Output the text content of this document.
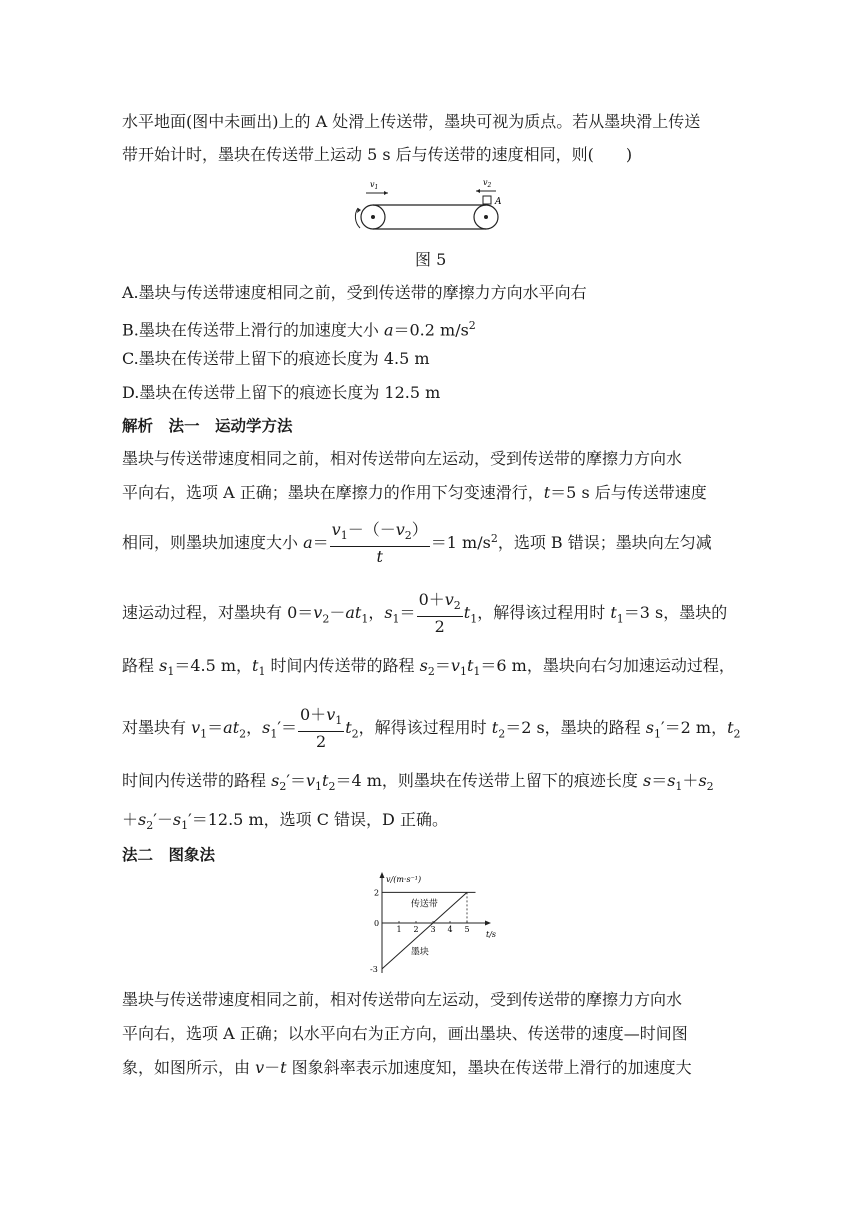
水平地面(图中未画出)上的 A 处滑上传送带，墨块可视为质点。若从墨块滑上传送
带开始计时，墨块在传送带上运动 5 s 后与传送带的速度相同，则(　　)
$v_1$
$v_2$
A
图 5
A.墨块与传送带速度相同之前，受到传送带的摩擦力方向水平向右
B.墨块在传送带上滑行的加速度大小 a＝0.2 $m/s^2$
C.墨块在传送带上留下的痕迹长度为 4.5 m
D.墨块在传送带上留下的痕迹长度为 12.5 m
解析　法一　运动学方法
墨块与传送带速度相同之前，相对传送带向左运动，受到传送带的摩擦力方向水
平向右，选项 A 正确；墨块在摩擦力的作用下匀变速滑行，t＝5 s 后与传送带速度
相同，则墨块加速度大小 $a= \frac{v_1-(-v_2)}{t} =1$ $m/s^2$，选项 B 错误；墨块向左匀减
速运动过程，对墨块有 $0=v_2-at_1$，$s_1= \frac{0+v_2}{2} t_1$，解得该过程用时 $t_1=3$ s，墨块的
路程 $s_1=4.5$ m，$t_1$ 时间内传送带的路程 $s_2=v_1t_1=6$ m，墨块向右匀加速运动过程，
对墨块有 $v_1=at_2$，$s_1'= \frac{0+v_1}{2} t_2$，解得该过程用时 $t_2=2$ s，墨块的路程 $s_1'=2$ m，$t_2$
时间内传送带的路程 $s_2'=v_1t_2=4$ m，则墨块在传送带上留下的痕迹长度 $s=s_1+s_2$
$+s_2'-s_1'=12.5$ m，选项 C 错误，D 正确。
法二　图象法
v/(m·s⁻¹)
t/s
1 2 3 4 5
2
0
-3
传送带
墨块
墨块与传送带速度相同之前，相对传送带向左运动，受到传送带的摩擦力方向水
平向右，选项 A 正确；以水平向右为正方向，画出墨块、传送带的速度—时间图
象，如图所示，由 v－t 图象斜率表示加速度知，墨块在传送带上滑行的加速度大
